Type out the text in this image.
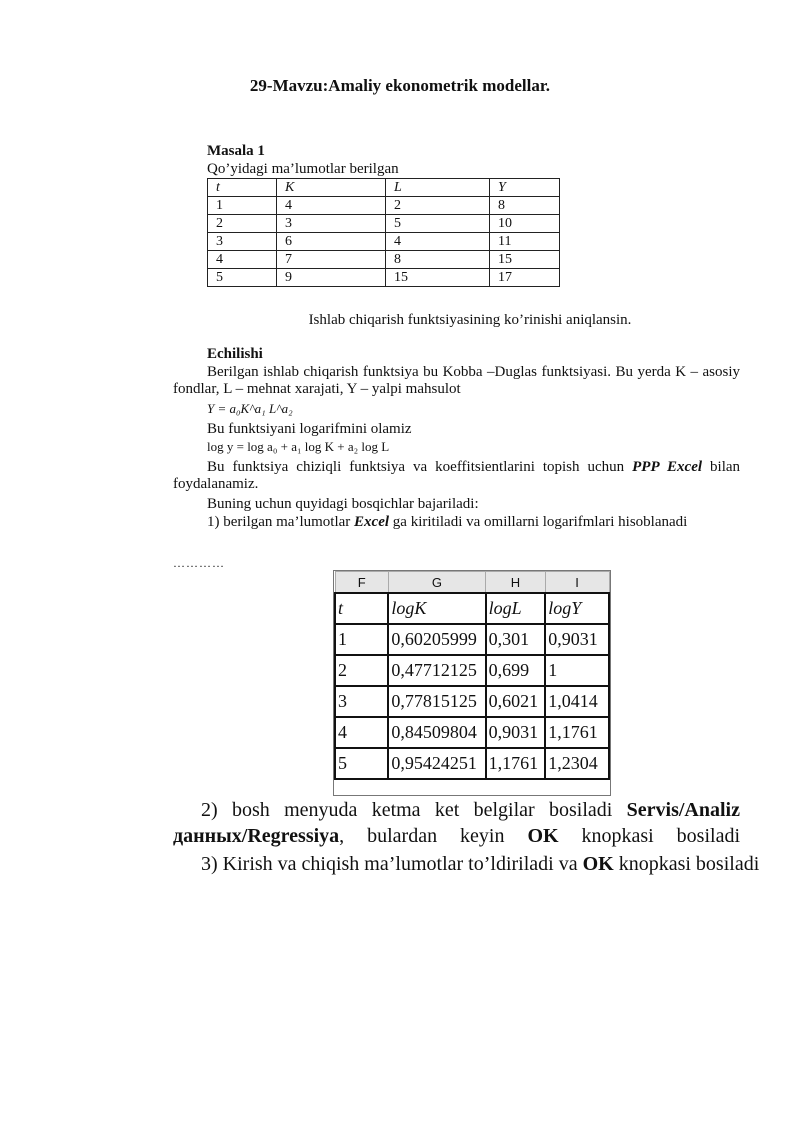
29-Mavzu:Amaliy ekonometrik modellar.
Masala 1
Qo’yidagi ma’lumotlar berilgan
t	K	L	Y
1	4	2	8
2	3	5	10
3	6	4	11
4	7	8	15
5	9	15	17
Ishlab chiqarish funktsiyasining ko’rinishi aniqlansin.
Echilishi
Berilgan ishlab chiqarish funktsiya bu Kobba –Duglas funktsiyasi. Bu yerda K – asosiy fondlar, L – mehnat xarajati, Y – yalpi mahsulot
Y = a₀K^a₁ L^a₂
Bu funktsiyani logarifmini olamiz
log y = log a₀ + a₁ log K + a₂ log L
Bu funktsiya chiziqli funktsiya va koeffitsientlarini topish uchun PPP Excel bilan foydalanamiz.
Buning uchun quyidagi bosqichlar bajariladi:
1) berilgan ma’lumotlar Excel ga kiritiladi va omillarni logarifmlari hisoblanadi
…………
F	G	H	I
t	logK	logL	logY
1	0,60205999	0,301	0,9031
2	0,47712125	0,699	1
3	0,77815125	0,6021	1,0414
4	0,84509804	0,9031	1,1761
5	0,95424251	1,1761	1,2304
2) bosh menyuda ketma ket belgilar bosiladi Servis/Analiz данных/Regressiya, bulardan keyin OK knopkasi bosiladi
3) Kirish va chiqish ma’lumotlar to’ldiriladi va OK knopkasi bosiladi
